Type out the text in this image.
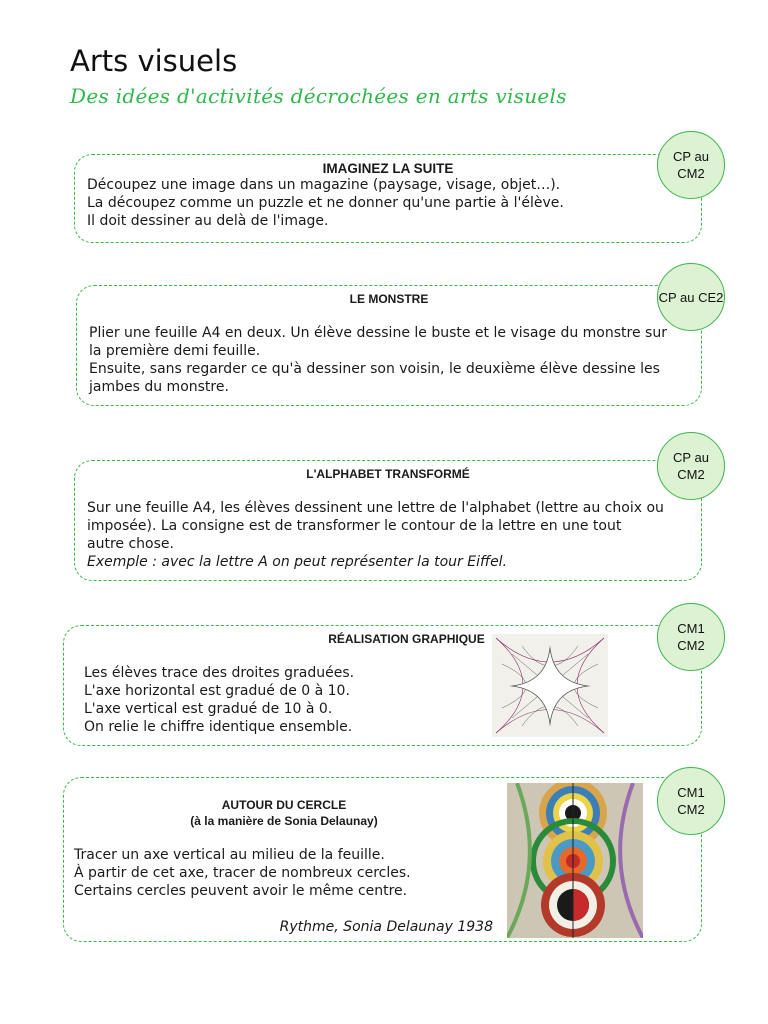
Arts visuels
Des idées d'activités décrochées en arts visuels

IMAGINEZ LA SUITE

Découpez une image dans un magazine (paysage, visage, objet…).

La découpez comme un puzzle et ne donner qu'une partie à l'élève.

Il doit dessiner au delà de l'image.

CP au CM2

LE MONSTRE

Plier une feuille A4 en deux. Un élève dessine le buste et le visage du monstre sur

la première demi feuille.

Ensuite, sans regarder ce qu'à dessiner son voisin, le deuxième élève dessine les

jambes du monstre.

CP au CE2

L'ALPHABET TRANSFORMÉ

Sur une feuille A4, les élèves dessinent une lettre de l'alphabet (lettre au choix ou

imposée). La consigne est de transformer le contour de la lettre en une tout

autre chose.

Exemple : avec la lettre A on peut représenter la tour Eiffel.

CP au CM2

RÉALISATION GRAPHIQUE

Les élèves trace des droites graduées.

L'axe horizontal est gradué de 0 à 10.

L'axe vertical est gradué de 10 à 0.

On relie le chiffre identique ensemble.

CM1
CM2

AUTOUR DU CERCLE

(à la manière de Sonia Delaunay)

Tracer un axe vertical au milieu de la feuille.

À partir de cet axe, tracer de nombreux cercles.

Certains cercles peuvent avoir le même centre.

Rythme, Sonia Delaunay 1938

CM1
CM2
